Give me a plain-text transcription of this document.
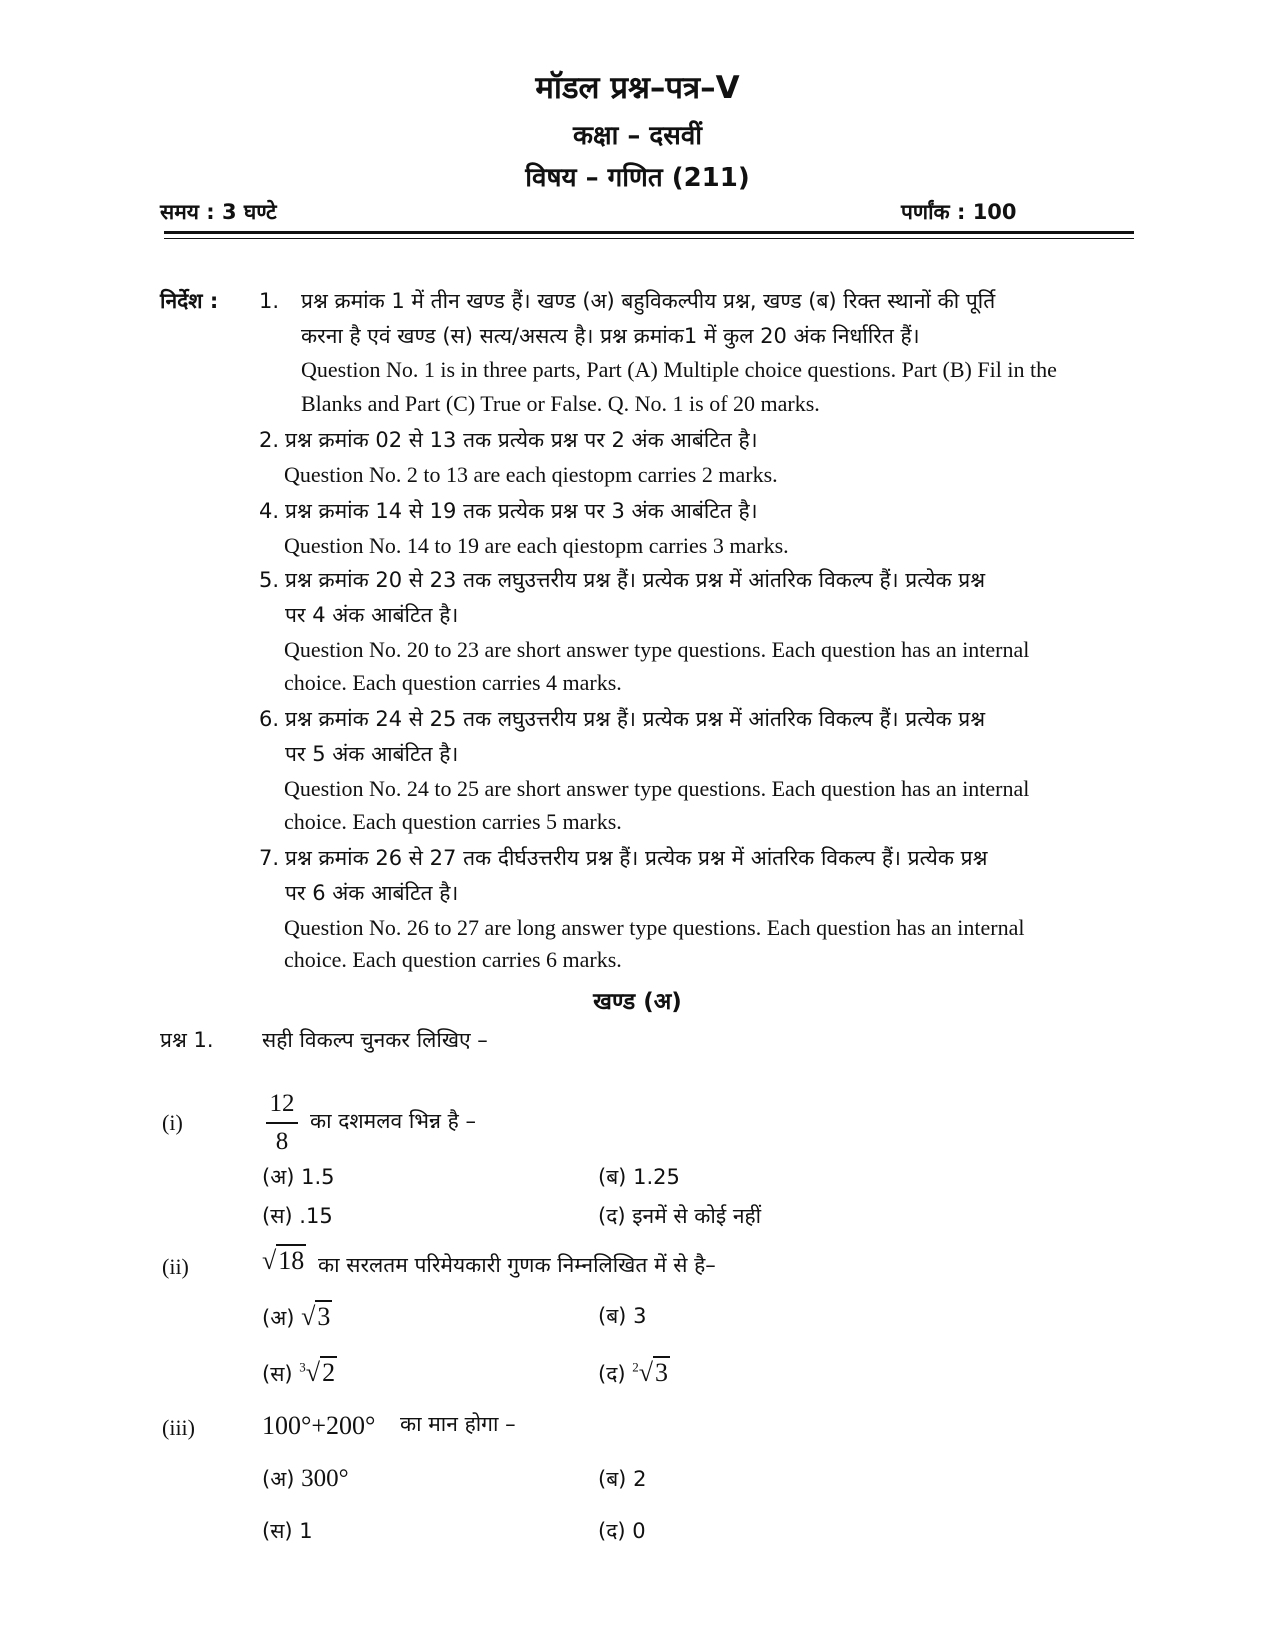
मॉडल प्रश्न–पत्र–V
कक्षा – दसवीं
विषय – गणित (211)
समय : 3 घण्टे	पर्णांक : 100
निर्देश : 1. प्रश्न क्रमांक 1 में तीन खण्ड हैं। खण्ड (अ) बहुविकल्पीय प्रश्न, खण्ड (ब) रिक्त स्थानों की पूर्ति
करना है एवं खण्ड (स) सत्य/असत्य है। प्रश्न क्रमांक1 में कुल 20 अंक निर्धारित हैं।
Question No. 1 is in three parts, Part (A) Multiple choice questions. Part (B) Fil in the
Blanks and Part (C) True or False. Q. No. 1 is of 20 marks.
2. प्रश्न क्रमांक 02 से 13 तक प्रत्येक प्रश्न पर 2 अंक आबंटित है।
Question No. 2 to 13 are each qiestopm carries 2 marks.
4. प्रश्न क्रमांक 14 से 19 तक प्रत्येक प्रश्न पर 3 अंक आबंटित है।
Question No. 14 to 19 are each qiestopm carries 3 marks.
5. प्रश्न क्रमांक 20 से 23 तक लघुउत्तरीय प्रश्न हैं। प्रत्येक प्रश्न में आंतरिक विकल्प हैं। प्रत्येक प्रश्न
पर 4 अंक आबंटित है।
Question No. 20 to 23 are short answer type questions. Each question has an internal
choice. Each question carries 4 marks.
6. प्रश्न क्रमांक 24 से 25 तक लघुउत्तरीय प्रश्न हैं। प्रत्येक प्रश्न में आंतरिक विकल्प हैं। प्रत्येक प्रश्न
पर 5 अंक आबंटित है।
Question No. 24 to 25 are short answer type questions. Each question has an internal
choice. Each question carries 5 marks.
7. प्रश्न क्रमांक 26 से 27 तक दीर्घउत्तरीय प्रश्न हैं। प्रत्येक प्रश्न में आंतरिक विकल्प हैं। प्रत्येक प्रश्न
पर 6 अंक आबंटित है।
Question No. 26 to 27 are long answer type questions. Each question has an internal
choice. Each question carries 6 marks.
खण्ड (अ)
प्रश्न 1. सही विकल्प चुनकर लिखिए –
(i)
12
8
का दशमलव भिन्न है –
(अ) 1.5	(ब) 1.25
(स) .15	(द) इनमें से कोई नहीं
(ii)	√18 का सरलतम परिमेयकारी गुणक निम्नलिखित में से है–
(अ) √3	(ब) 3
(स) $^3$√2	(द) $^2$√3
(iii)	100°+200° का मान होगा –
(अ) 300°	(ब) 2
(स) 1	(द) 0
